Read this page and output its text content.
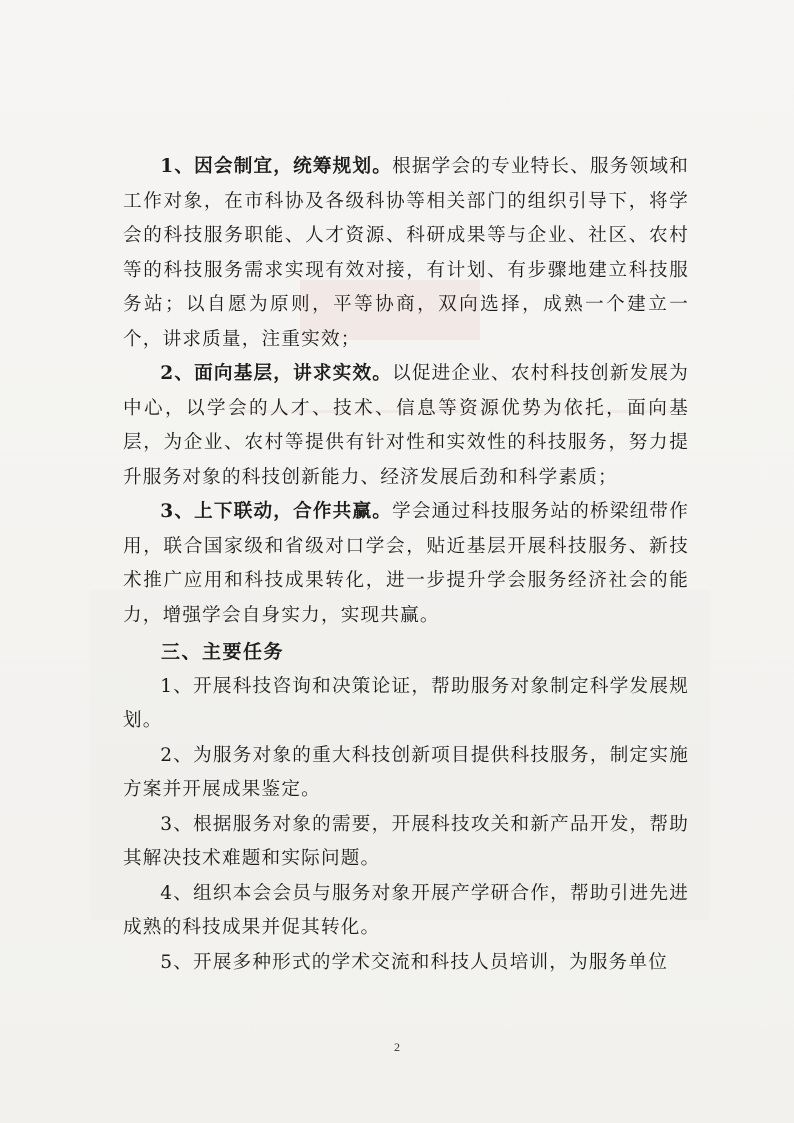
1、因会制宜，统筹规划。根据学会的专业特长、服务领域和工作对象，在市科协及各级科协等相关部门的组织引导下，将学会的科技服务职能、人才资源、科研成果等与企业、社区、农村等的科技服务需求实现有效对接，有计划、有步骤地建立科技服务站；以自愿为原则，平等协商，双向选择，成熟一个建立一个，讲求质量，注重实效；

2、面向基层，讲求实效。以促进企业、农村科技创新发展为中心，以学会的人才、技术、信息等资源优势为依托，面向基层，为企业、农村等提供有针对性和实效性的科技服务，努力提升服务对象的科技创新能力、经济发展后劲和科学素质；

3、上下联动，合作共赢。学会通过科技服务站的桥梁纽带作用，联合国家级和省级对口学会，贴近基层开展科技服务、新技术推广应用和科技成果转化，进一步提升学会服务经济社会的能力，增强学会自身实力，实现共赢。

三、主要任务

1、开展科技咨询和决策论证，帮助服务对象制定科学发展规划。

2、为服务对象的重大科技创新项目提供科技服务，制定实施方案并开展成果鉴定。

3、根据服务对象的需要，开展科技攻关和新产品开发，帮助其解决技术难题和实际问题。

4、组织本会会员与服务对象开展产学研合作，帮助引进先进成熟的科技成果并促其转化。

5、开展多种形式的学术交流和科技人员培训，为服务单位

2
